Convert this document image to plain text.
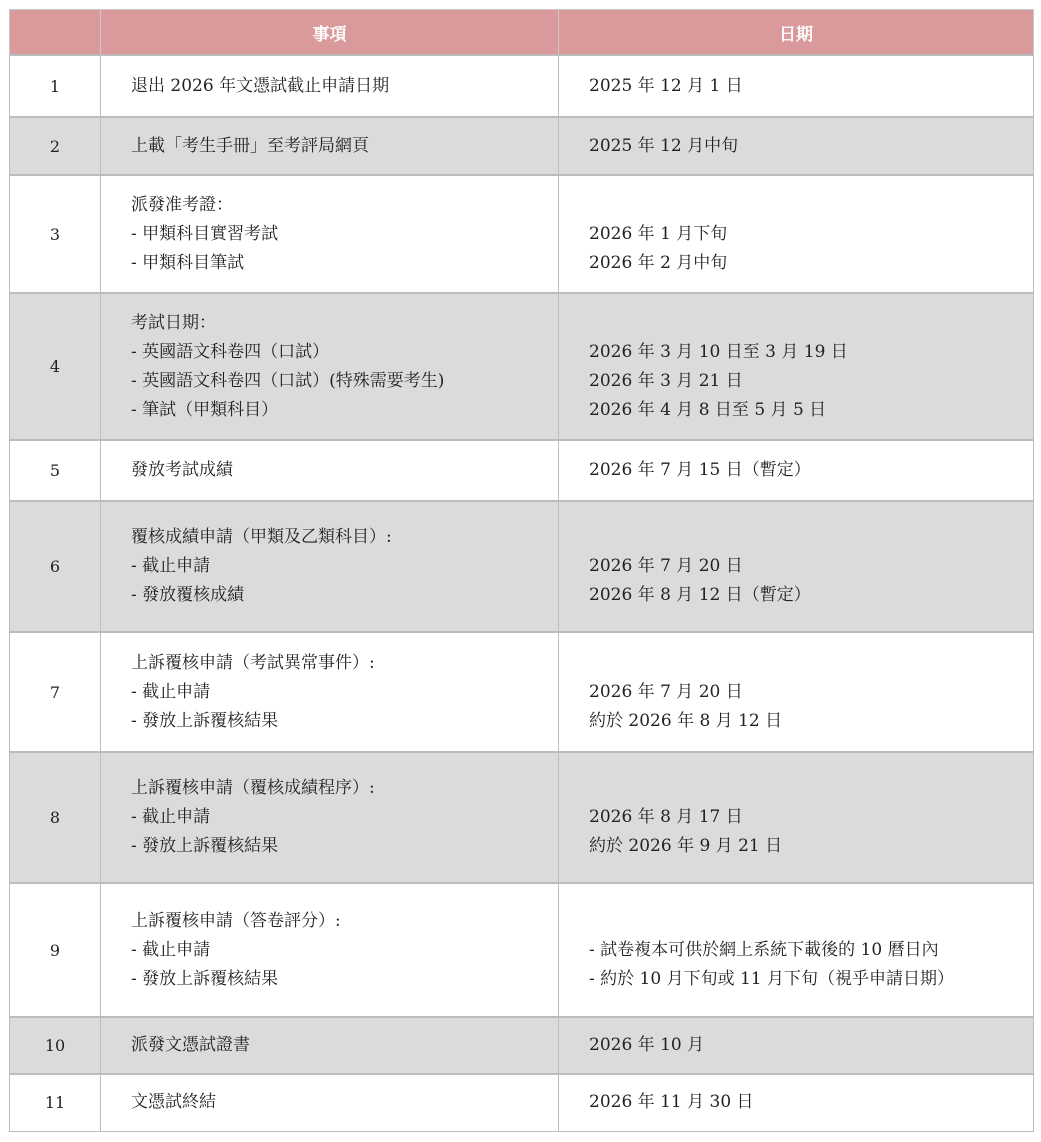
	事項	日期
1	退出 2026 年文憑試截止申請日期	2025 年 12 月 1 日

2	上載「考生手冊」至考評局網頁	2025 年 12 月中旬

3	派發准考證：
- 甲類科目實習考試
- 甲類科目筆試	2026 年 1 月下旬
2026 年 2 月中旬

4	考試日期：
- 英國語文科卷四（口試）
- 英國語文科卷四（口試）(特殊需要考生)
- 筆試（甲類科目）	2026 年 3 月 10 日至 3 月 19 日
2026 年 3 月 21 日
2026 年 4 月 8 日至 5 月 5 日

5	發放考試成績	2026 年 7 月 15 日（暫定）

6	覆核成績申請（甲類及乙類科目）:
- 截止申請
- 發放覆核成績	2026 年 7 月 20 日
2026 年 8 月 12 日（暫定）

7	上訴覆核申請（考試異常事件）:
- 截止申請
- 發放上訴覆核結果	2026 年 7 月 20 日
約於 2026 年 8 月 12 日

8	上訴覆核申請（覆核成績程序）:
- 截止申請
- 發放上訴覆核結果	2026 年 8 月 17 日
約於 2026 年 9 月 21 日

9	上訴覆核申請（答卷評分）:
- 截止申請
- 發放上訴覆核結果	- 試卷複本可供於網上系統下載後的 10 曆日內
- 約於 10 月下旬或 11 月下旬（視乎申請日期）

10	派發文憑試證書	2026 年 10 月

11	文憑試終結	2026 年 11 月 30 日
